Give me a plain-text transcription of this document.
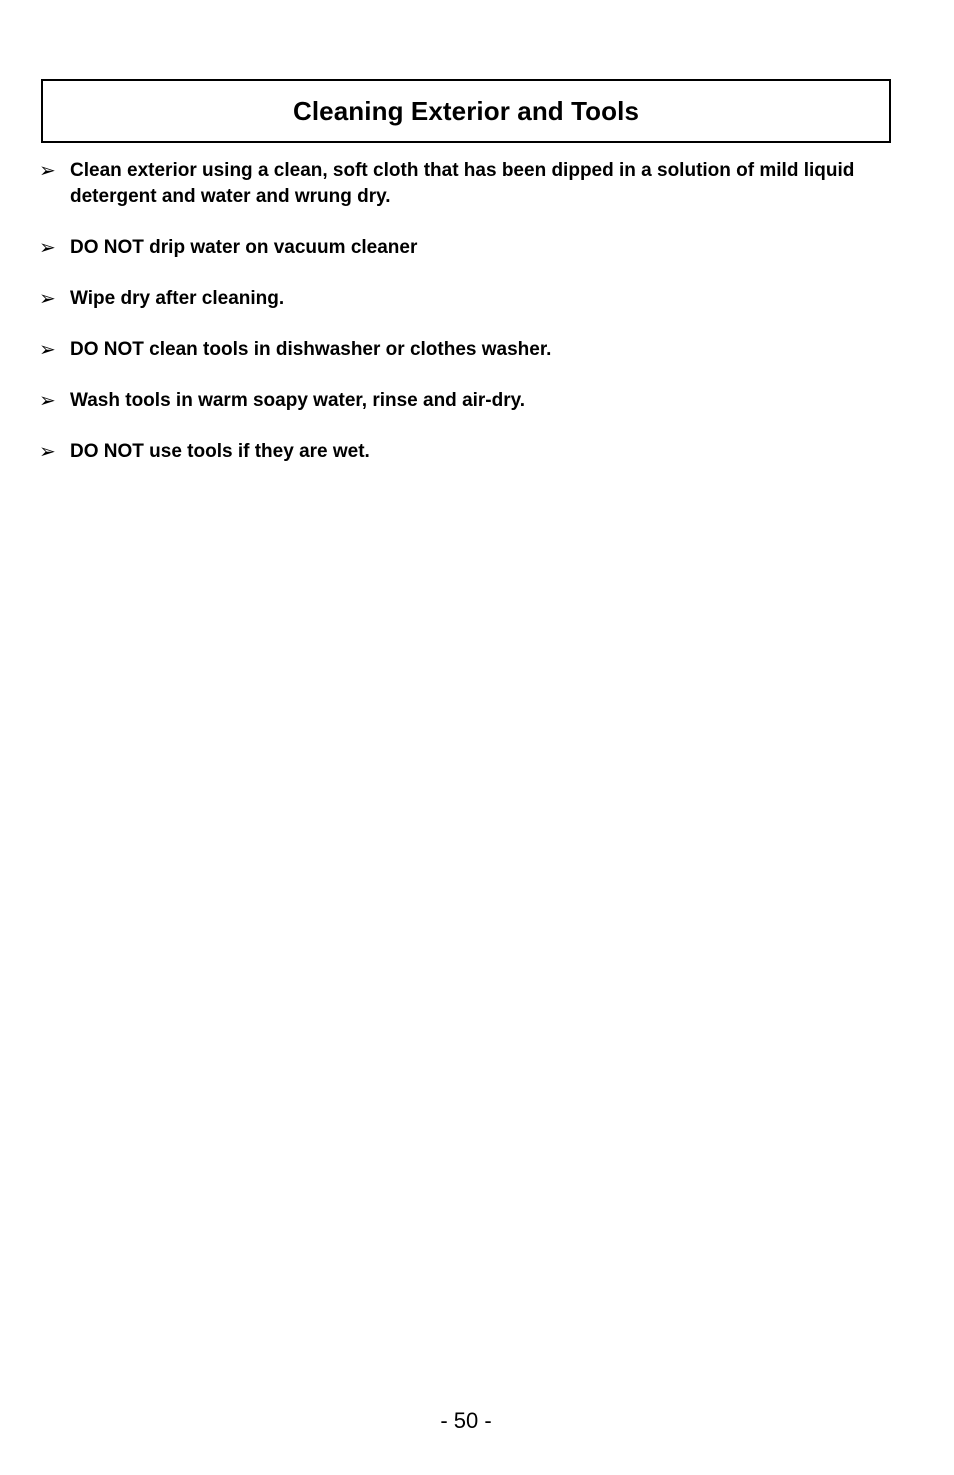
Cleaning Exterior and Tools
➢ Clean exterior using a clean, soft cloth that has been dipped in a solution of mild liquid detergent and water and wrung dry.
➢ DO NOT drip water on vacuum cleaner
➢ Wipe dry after cleaning.
➢ DO NOT clean tools in dishwasher or clothes washer.
➢ Wash tools in warm soapy water, rinse and air-dry.
➢ DO NOT use tools if they are wet.
- 50 -
